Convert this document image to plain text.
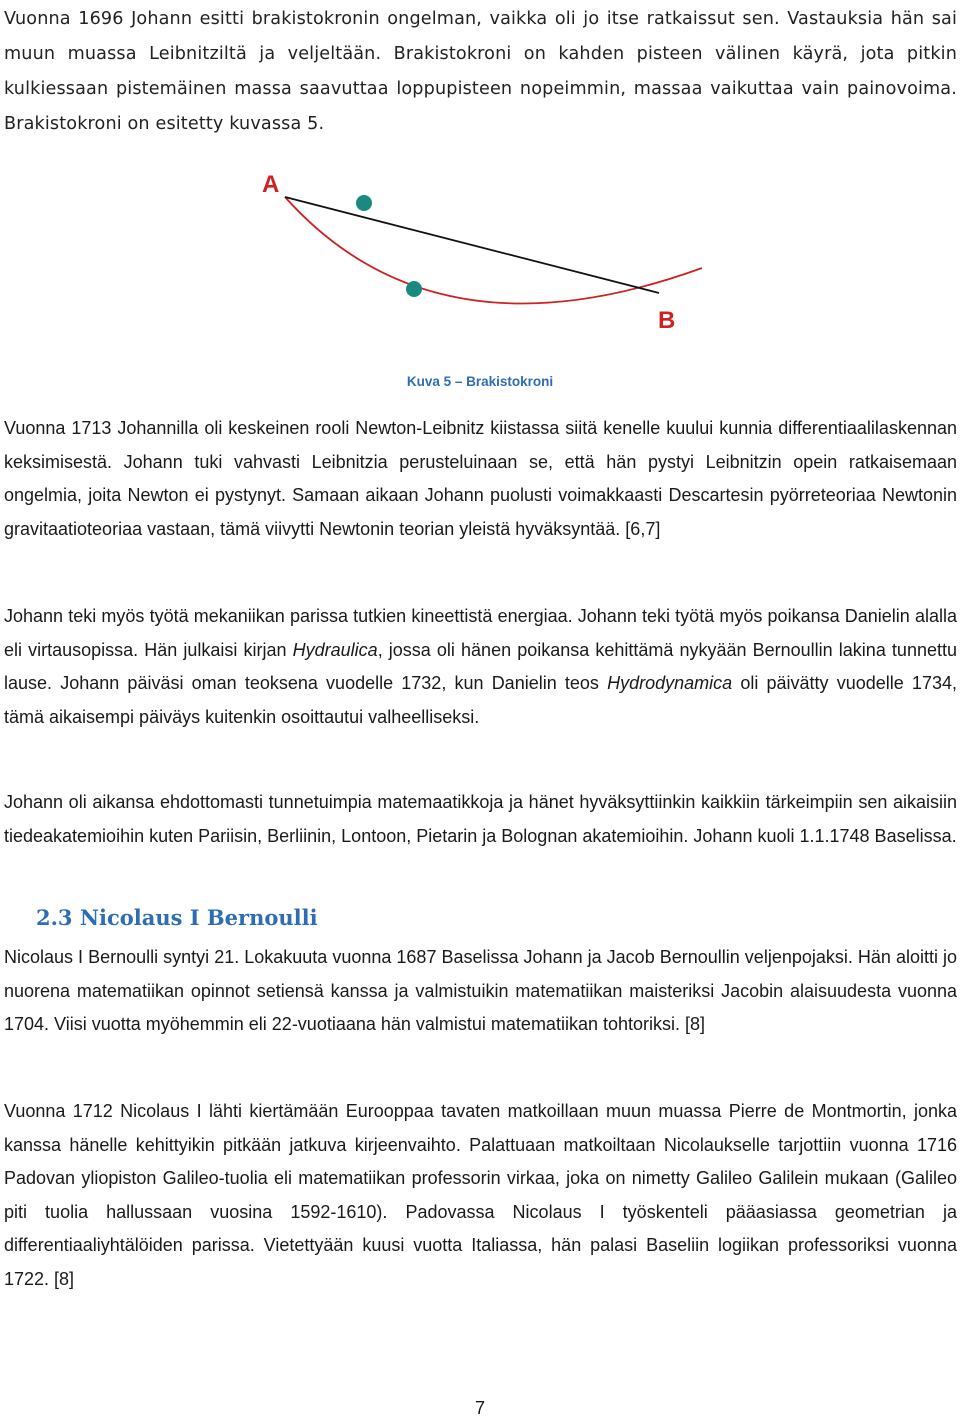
Vuonna 1696 Johann esitti brakistokronin ongelman, vaikka oli jo itse ratkaissut sen. Vastauksia hän sai muun muassa Leibnitziltä ja veljeltään. Brakistokroni on kahden pisteen välinen käyrä, jota pitkin kulkiessaan pistemäinen massa saavuttaa loppupisteen nopeimmin, massaa vaikuttaa vain painovoima. Brakistokroni on esitetty kuvassa 5.

A
B
Kuva 5 – Brakistokroni

Vuonna 1713 Johannilla oli keskeinen rooli Newton-Leibnitz kiistassa siitä kenelle kuului kunnia differentiaalilaskennan keksimisestä. Johann tuki vahvasti Leibnitzia perusteluinaan se, että hän pystyi Leibnitzin opein ratkaisemaan ongelmia, joita Newton ei pystynyt. Samaan aikaan Johann puolusti voimakkaasti Descartesin pyörreteoriaa Newtonin gravitaatioteoriaa vastaan, tämä viivytti Newtonin teorian yleistä hyväksyntää. [6,7]

Johann teki myös työtä mekaniikan parissa tutkien kineettistä energiaa. Johann teki työtä myös poikansa Danielin alalla eli virtausopissa. Hän julkaisi kirjan Hydraulica, jossa oli hänen poikansa kehittämä nykyään Bernoullin lakina tunnettu lause. Johann päiväsi oman teoksena vuodelle 1732, kun Danielin teos Hydrodynamica oli päivätty vuodelle 1734, tämä aikaisempi päiväys kuitenkin osoittautui valheelliseksi.

Johann oli aikansa ehdottomasti tunnetuimpia matemaatikkoja ja hänet hyväksyttiinkin kaikkiin tärkeimpiin sen aikaisiin tiedeakatemioihin kuten Pariisin, Berliinin, Lontoon, Pietarin ja Bolognan akatemioihin. Johann kuoli 1.1.1748 Baselissa.

2.3 Nicolaus I Bernoulli

Nicolaus I Bernoulli syntyi 21. Lokakuuta vuonna 1687 Baselissa Johann ja Jacob Bernoullin veljenpojaksi. Hän aloitti jo nuorena matematiikan opinnot setiensä kanssa ja valmistuikin matematiikan maisteriksi Jacobin alaisuudesta vuonna 1704. Viisi vuotta myöhemmin eli 22-vuotiaana hän valmistui matematiikan tohtoriksi. [8]

Vuonna 1712 Nicolaus I lähti kiertämään Eurooppaa tavaten matkoillaan muun muassa Pierre de Montmortin, jonka kanssa hänelle kehittyikin pitkään jatkuva kirjeenvaihto. Palattuaan matkoiltaan Nicolaukselle tarjottiin vuonna 1716 Padovan yliopiston Galileo-tuolia eli matematiikan professorin virkaa, joka on nimetty Galileo Galilein mukaan (Galileo piti tuolia hallussaan vuosina 1592-1610). Padovassa Nicolaus I työskenteli pääasiassa geometrian ja differentiaaliyhtälöiden parissa. Vietettyään kuusi vuotta Italiassa, hän palasi Baseliin logiikan professoriksi vuonna 1722. [8]

7
